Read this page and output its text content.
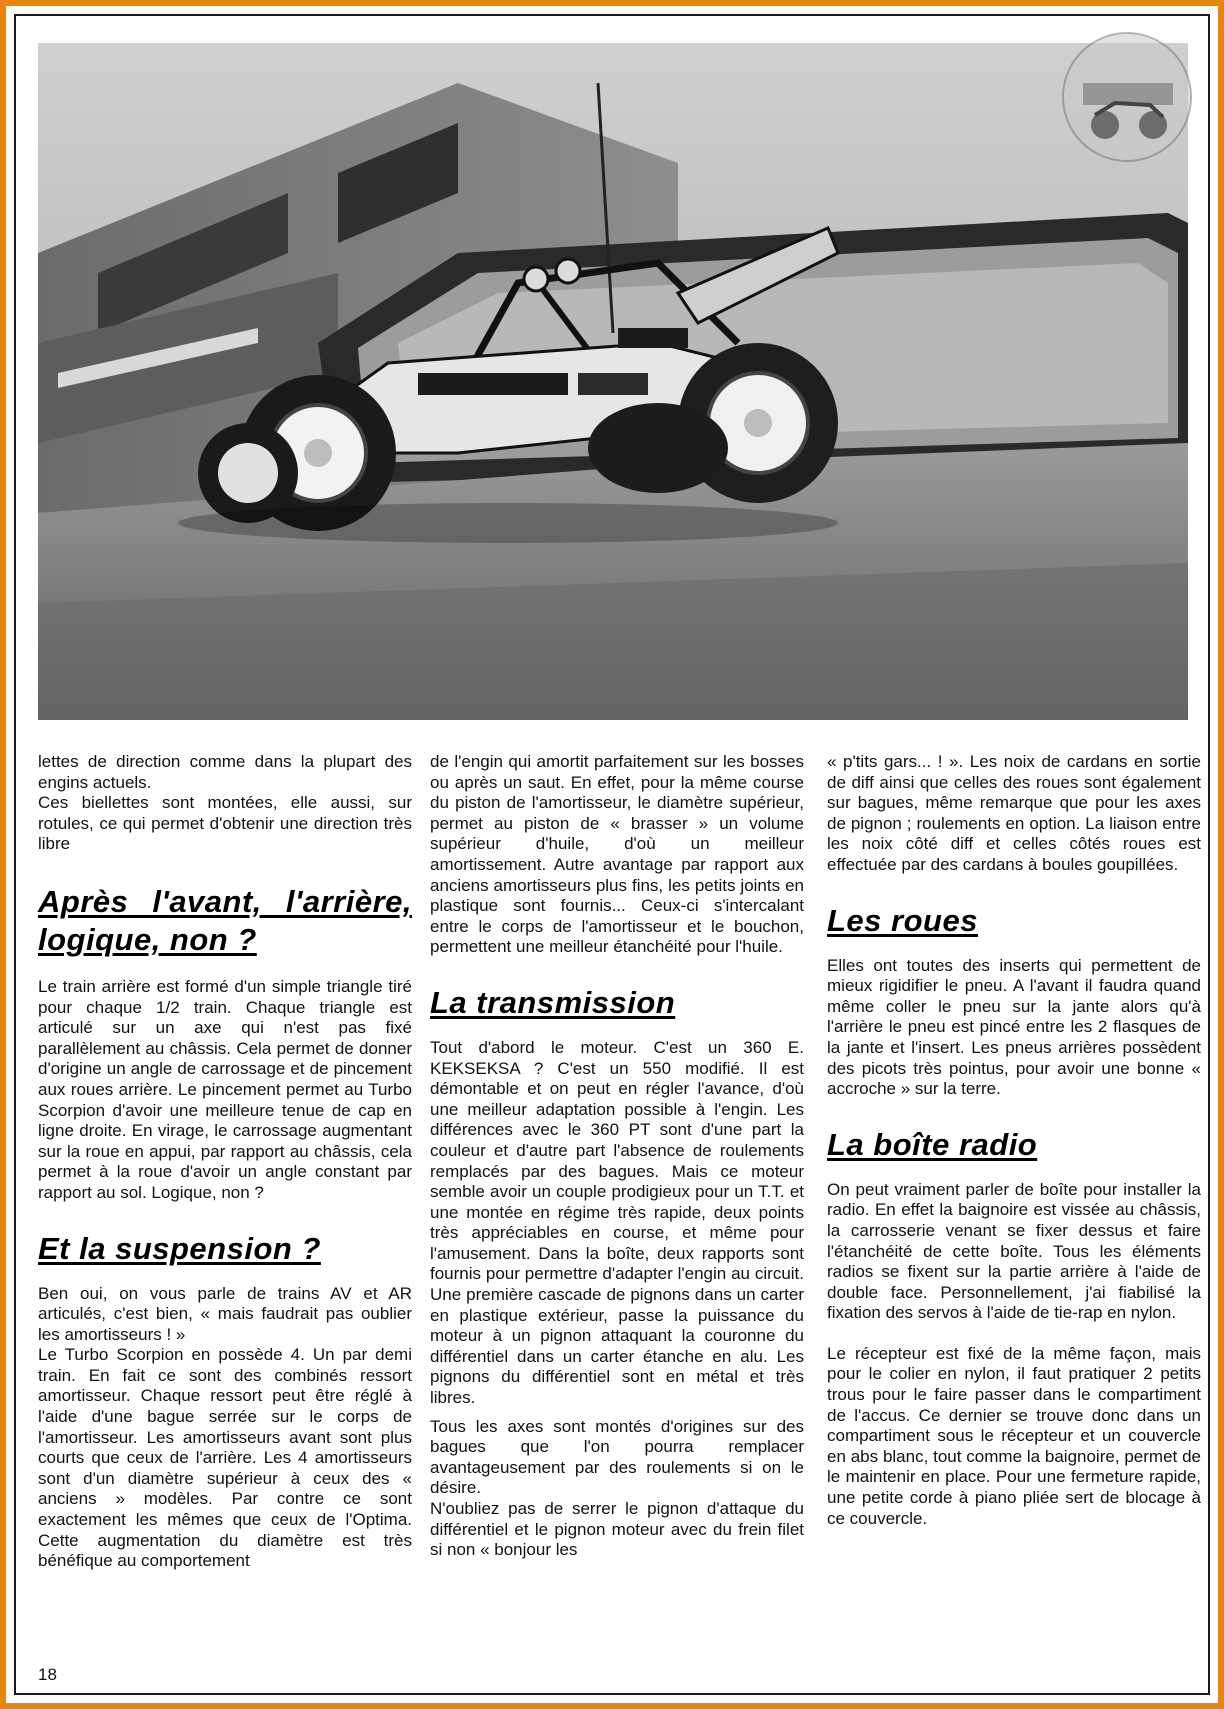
lettes de direction comme dans la plupart des engins actuels.

Ces biellettes sont montées, elle aussi, sur rotules, ce qui permet d'obtenir une direction très libre

Après l'avant, l'arrière, logique, non ?

Le train arrière est formé d'un simple triangle tiré pour chaque 1/2 train. Chaque triangle est articulé sur un axe qui n'est pas fixé parallèlement au châssis. Cela permet de donner d'origine un angle de carrossage et de pincement aux roues arrière. Le pincement permet au Turbo Scorpion d'avoir une meilleure tenue de cap en ligne droite. En virage, le carrossage augmentant sur la roue en appui, par rapport au châssis, cela permet à la roue d'avoir un angle constant par rapport au sol. Logique, non ?

Et la suspension ?

Ben oui, on vous parle de trains AV et AR articulés, c'est bien, « mais faudrait pas oublier les amortisseurs ! »

Le Turbo Scorpion en possède 4. Un par demi train. En fait ce sont des combinés ressort amortisseur. Chaque ressort peut être réglé à l'aide d'une bague serrée sur le corps de l'amortisseur. Les amortisseurs avant sont plus courts que ceux de l'arrière. Les 4 amortisseurs sont d'un diamètre supérieur à ceux des « anciens » modèles. Par contre ce sont exactement les mêmes que ceux de l'Optima. Cette augmentation du diamètre est très bénéfique au comportement

de l'engin qui amortit parfaitement sur les bosses ou après un saut. En effet, pour la même course du piston de l'amortisseur, le diamètre supérieur, permet au piston de « brasser » un volume supérieur d'huile, d'où un meilleur amortissement. Autre avantage par rapport aux anciens amortisseurs plus fins, les petits joints en plastique sont fournis... Ceux-ci s'intercalant entre le corps de l'amortisseur et le bouchon, permettent une meilleur étanchéité pour l'huile.

La transmission

Tout d'abord le moteur. C'est un 360 E. KEKSEKSA ? C'est un 550 modifié. Il est démontable et on peut en régler l'avance, d'où une meilleur adaptation possible à l'engin. Les différences avec le 360 PT sont d'une part la couleur et d'autre part l'absence de roulements remplacés par des bagues. Mais ce moteur semble avoir un couple prodigieux pour un T.T. et une montée en régime très rapide, deux points très appréciables en course, et même pour l'amusement. Dans la boîte, deux rapports sont fournis pour permettre d'adapter l'engin au circuit. Une première cascade de pignons dans un carter en plastique extérieur, passe la puissance du moteur à un pignon attaquant la couronne du différentiel dans un carter étanche en alu. Les pignons du différentiel sont en métal et très libres.

Tous les axes sont montés d'origines sur des bagues que l'on pourra remplacer avantageusement par des roulements si on le désire.

N'oubliez pas de serrer le pignon d'attaque du différentiel et le pignon moteur avec du frein filet si non « bonjour les

« p'tits gars... ! ». Les noix de cardans en sortie de diff ainsi que celles des roues sont également sur bagues, même remarque que pour les axes de pignon ; roulements en option. La liaison entre les noix côté diff et celles côtés roues est effectuée par des cardans à boules goupillées.

Les roues

Elles ont toutes des inserts qui permettent de mieux rigidifier le pneu. A l'avant il faudra quand même coller le pneu sur la jante alors qu'à l'arrière le pneu est pincé entre les 2 flasques de la jante et l'insert. Les pneus arrières possèdent des picots très pointus, pour avoir une bonne « accroche » sur la terre.

La boîte radio

On peut vraiment parler de boîte pour installer la radio. En effet la baignoire est vissée au châssis, la carrosserie venant se fixer dessus et faire l'étanchéité de cette boîte. Tous les éléments radios se fixent sur la partie arrière à l'aide de double face. Personnellement, j'ai fiabilisé la fixation des servos à l'aide de tie-rap en nylon.

Le récepteur est fixé de la même façon, mais pour le colier en nylon, il faut pratiquer 2 petits trous pour le faire passer dans le compartiment de l'accus. Ce dernier se trouve donc dans un compartiment sous le récepteur et un couvercle en abs blanc, tout comme la baignoire, permet de le maintenir en place. Pour une fermeture rapide, une petite corde à piano pliée sert de blocage à ce couvercle.

18
